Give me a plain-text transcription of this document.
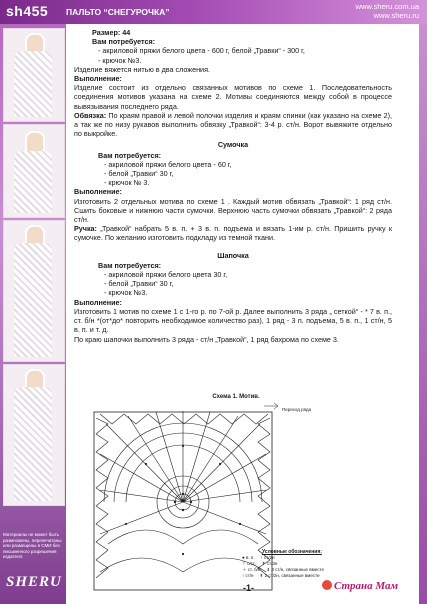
sh455 ПАЛЬТО “СНЕГУРОЧКА”
www.sheru.com.ua
www.sheru.ru
Материалы не может быть размножены, перепечатаны или размещены в СМИ без письменного разрешения издателя.
SHERU

Размер: 44

Вам потребуется:

- акриловой пряжи белого цвета - 600 г, белой „Травки“ - 300 г,

- крючок №3.

Изделие вяжется нитью в два сложения.

Выполнение:

Изделие состоит из отдельно связанных мотивов по схеме 1. Последовательность соединения мотивов указана на схеме 2. Мотивы соединяются между собой в процессе вывязывания последнего ряда.

Обвязка: По краям правой и левой полочки изделия и краям спинки (как указано на схеме 2), а так же по низу рукавов выполнить обвязку „Травкой“: 3-4 р. ст/н. Ворот вывяжите отдельно по выкройке.

Сумочка

Вам потребуется:

- акриловой пряжи белого цвета - 60 г,

- белой „Травки“ 30 г,

- крючок № 3.

Выполнение:

Изготовить 2 отдельных мотива по схеме 1 . Каждый мотив обвязать „Травкой“: 1 ряд ст/н. Сшить боковые и нижнюю части сумочки. Верхнюю часть сумочки обвязать „Травкой“: 2 ряда ст/н.

Ручка: „Травкой“ набрать 5 в. п. + 3 в. п. подъема и вязать 1-им р. ст/н. Пришить ручку к сумочке. По желанию изготовить подкладу из темной ткани.

Шапочка

Вам потребуется:

- акриловой пряжи белого цвета 30 г,

- белой „Травки“ 30 г,

- крючок №3.

Выполнение:

Изготовить 1 мотив по схеме 1 с 1-го р. по 7-ой р. Далее выполнить 3 ряда „ сеткой“ - * 7 в. п., ст. б/н *(от*до* повторить необходимое количество раз), 1 ряд - 3 п. подъема, 5 в. п., 1 ст/н, 5 в. п. и т. д.

По краю шапочки выполнить 3 ряда - ст/н „Травкой“, 1 ряд бахрома по схеме 3.

Схема 1. Мотив.
Переход ряда
Условные обозначения:
● в. п. ↑ ст/2н
⊤ с/ст. ↟ ст/3н
＋ ст. б/н ⇟ 3 ст/н, связанные вместе
↑ ст/н ⇞ 2 ст/2н, связанные вместе
-1-	Страна Мам
